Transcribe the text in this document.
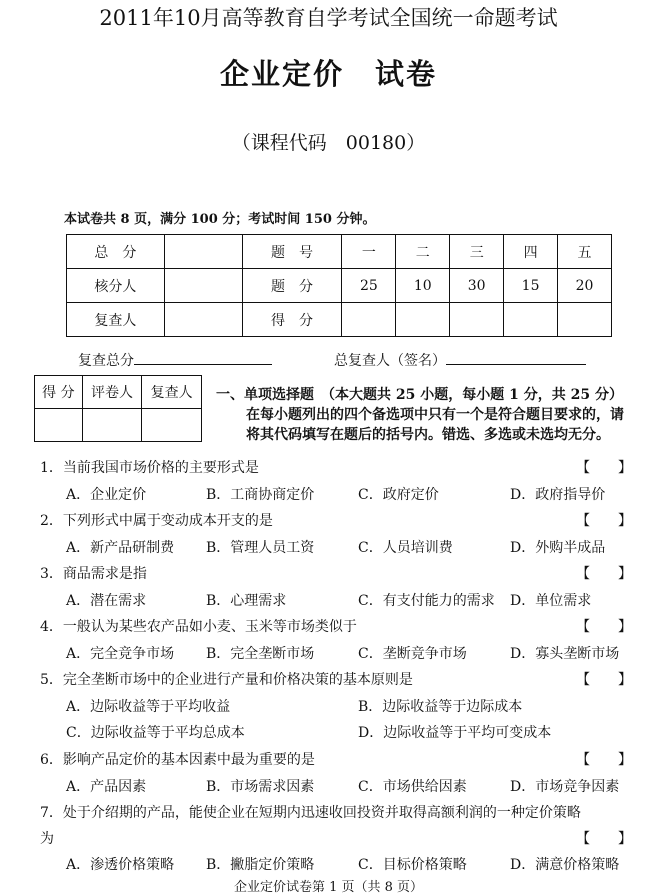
2011年10月高等教育自学考试全国统一命题考试
企业定价　试卷
（课程代码　00180）
本试卷共 8 页，满分 100 分；考试时间 150 分钟。
总　分		题　号	一	二	三	四	五
核分人		题　分	25	10	30	15	20
复查人		得　分					
复查总分	总复查人（签名）
得 分	评卷人	复查人
		一、单项选择题　（本大题共 25 小题，每小题 1 分，共 25 分）
在每小题列出的四个备选项中只有一个是符合题目要求的，请
将其代码填写在题后的括号内。错选、多选或未选均无分。
1．当前我国市场价格的主要形式是	【　　】
A．企业定价	B．工商协商定价	C．政府定价	D．政府指导价
2．下列形式中属于变动成本开支的是	【　　】
A．新产品研制费 B．管理人员工资	C．人员培训费	D．外购半成品
3．商品需求是指	【　　】
A．潜在需求	B．心理需求	C．有支付能力的需求 D．单位需求
4．一般认为某些农产品如小麦、玉米等市场类似于	【　　】
A．完全竞争市场 B．完全垄断市场	C．垄断竞争市场	D．寡头垄断市场
5．完全垄断市场中的企业进行产量和价格决策的基本原则是	【　　】
A．边际收益等于平均收益	B．边际收益等于边际成本
C．边际收益等于平均总成本	D．边际收益等于平均可变成本
6．影响产品定价的基本因素中最为重要的是	【　　】
A．产品因素	B．市场需求因素	C．市场供给因素	D．市场竞争因素
7．处于介绍期的产品，能使企业在短期内迅速收回投资并取得高额利润的一种定价策略
为	【　　】
A．渗透价格策略 B．撇脂定价策略	C．目标价格策略	D．满意价格策略
企业定价试卷第 1 页（共 8 页）
